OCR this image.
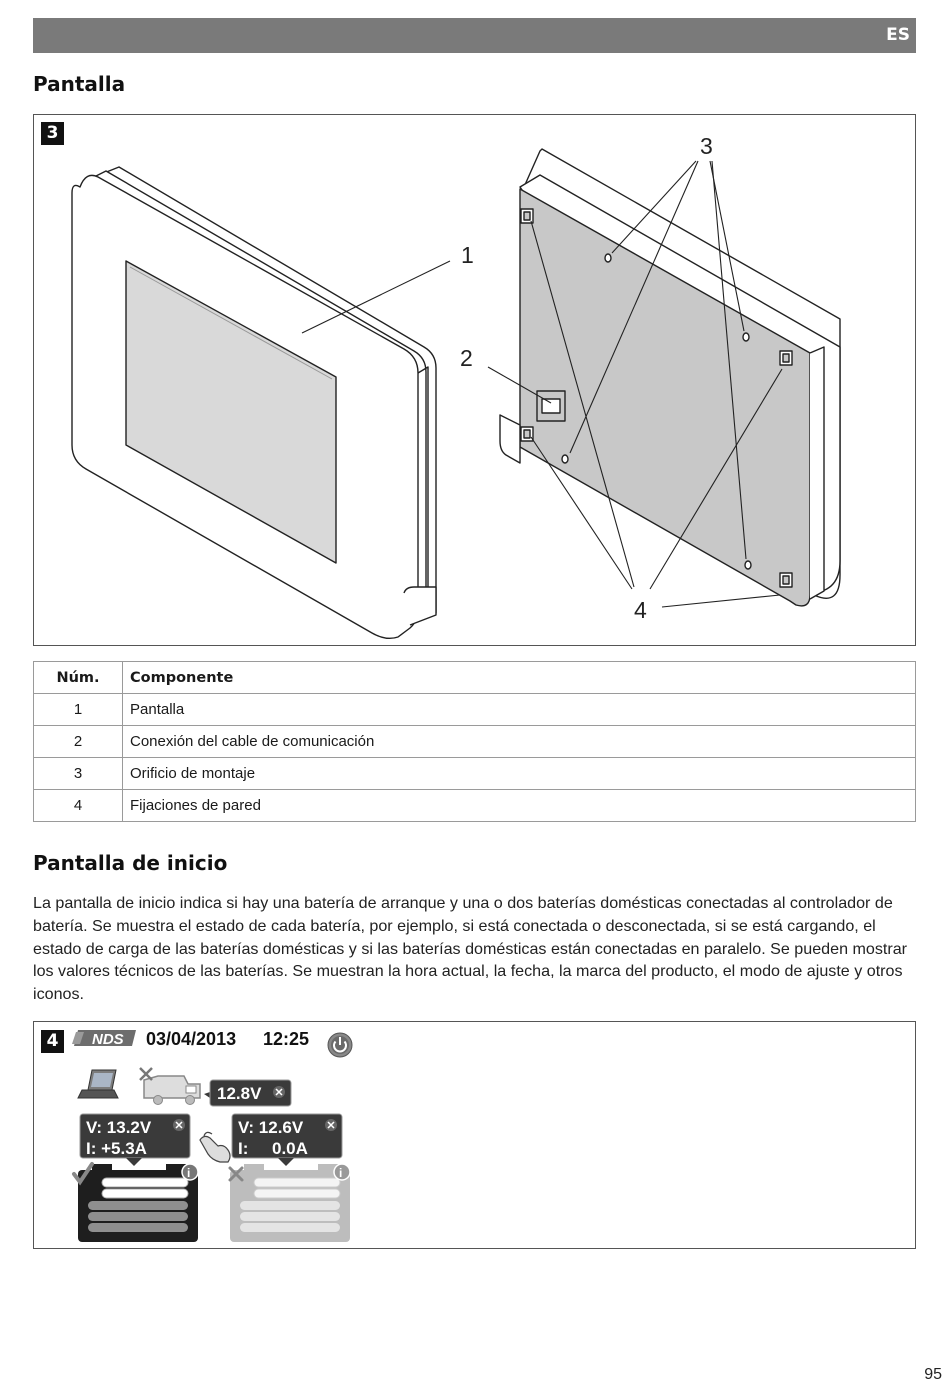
ES
Pantalla
3
1
2
3
4
Núm.	Componente
1	Pantalla
2	Conexión del cable de comunicación
3	Orificio de montaje
4	Fijaciones de pared
Pantalla de inicio

La pantalla de inicio indica si hay una batería de arranque y una o dos baterías domésticas conectadas al controlador de batería. Se muestra el estado de cada batería, por ejemplo, si está conectada o desconectada, si se está cargando, el estado de carga de las baterías domésticas y si las baterías domésticas están conectadas en paralelo. Se pueden mostrar los valores técnicos de las baterías. Se muestran la hora actual, la fecha, la marca del producto, el modo de ajuste y otros iconos.

4	NDS 03/04/2013 12:25
12.8V
V: 13.2V
I: +5.3A
V: 12.6V
I: 0.0A
i	i
95
